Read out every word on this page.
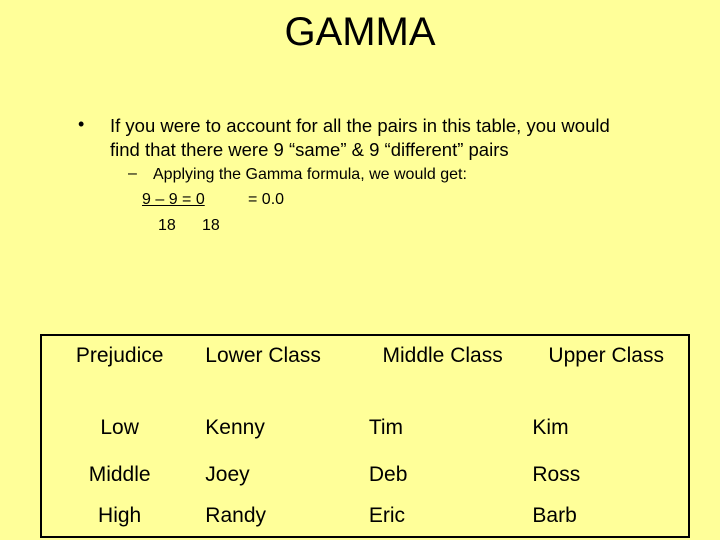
GAMMA
• If you were to account for all the pairs in this table, you would find that there were 9 “same” & 9 “different” pairs
– Applying the Gamma formula, we would get:
9 – 9 = 0	= 0.0
18 18
Prejudice	Lower Class	Middle Class	Upper Class
Low	Kenny	Tim	Kim
Middle	Joey	Deb	Ross
High	Randy	Eric	Barb
